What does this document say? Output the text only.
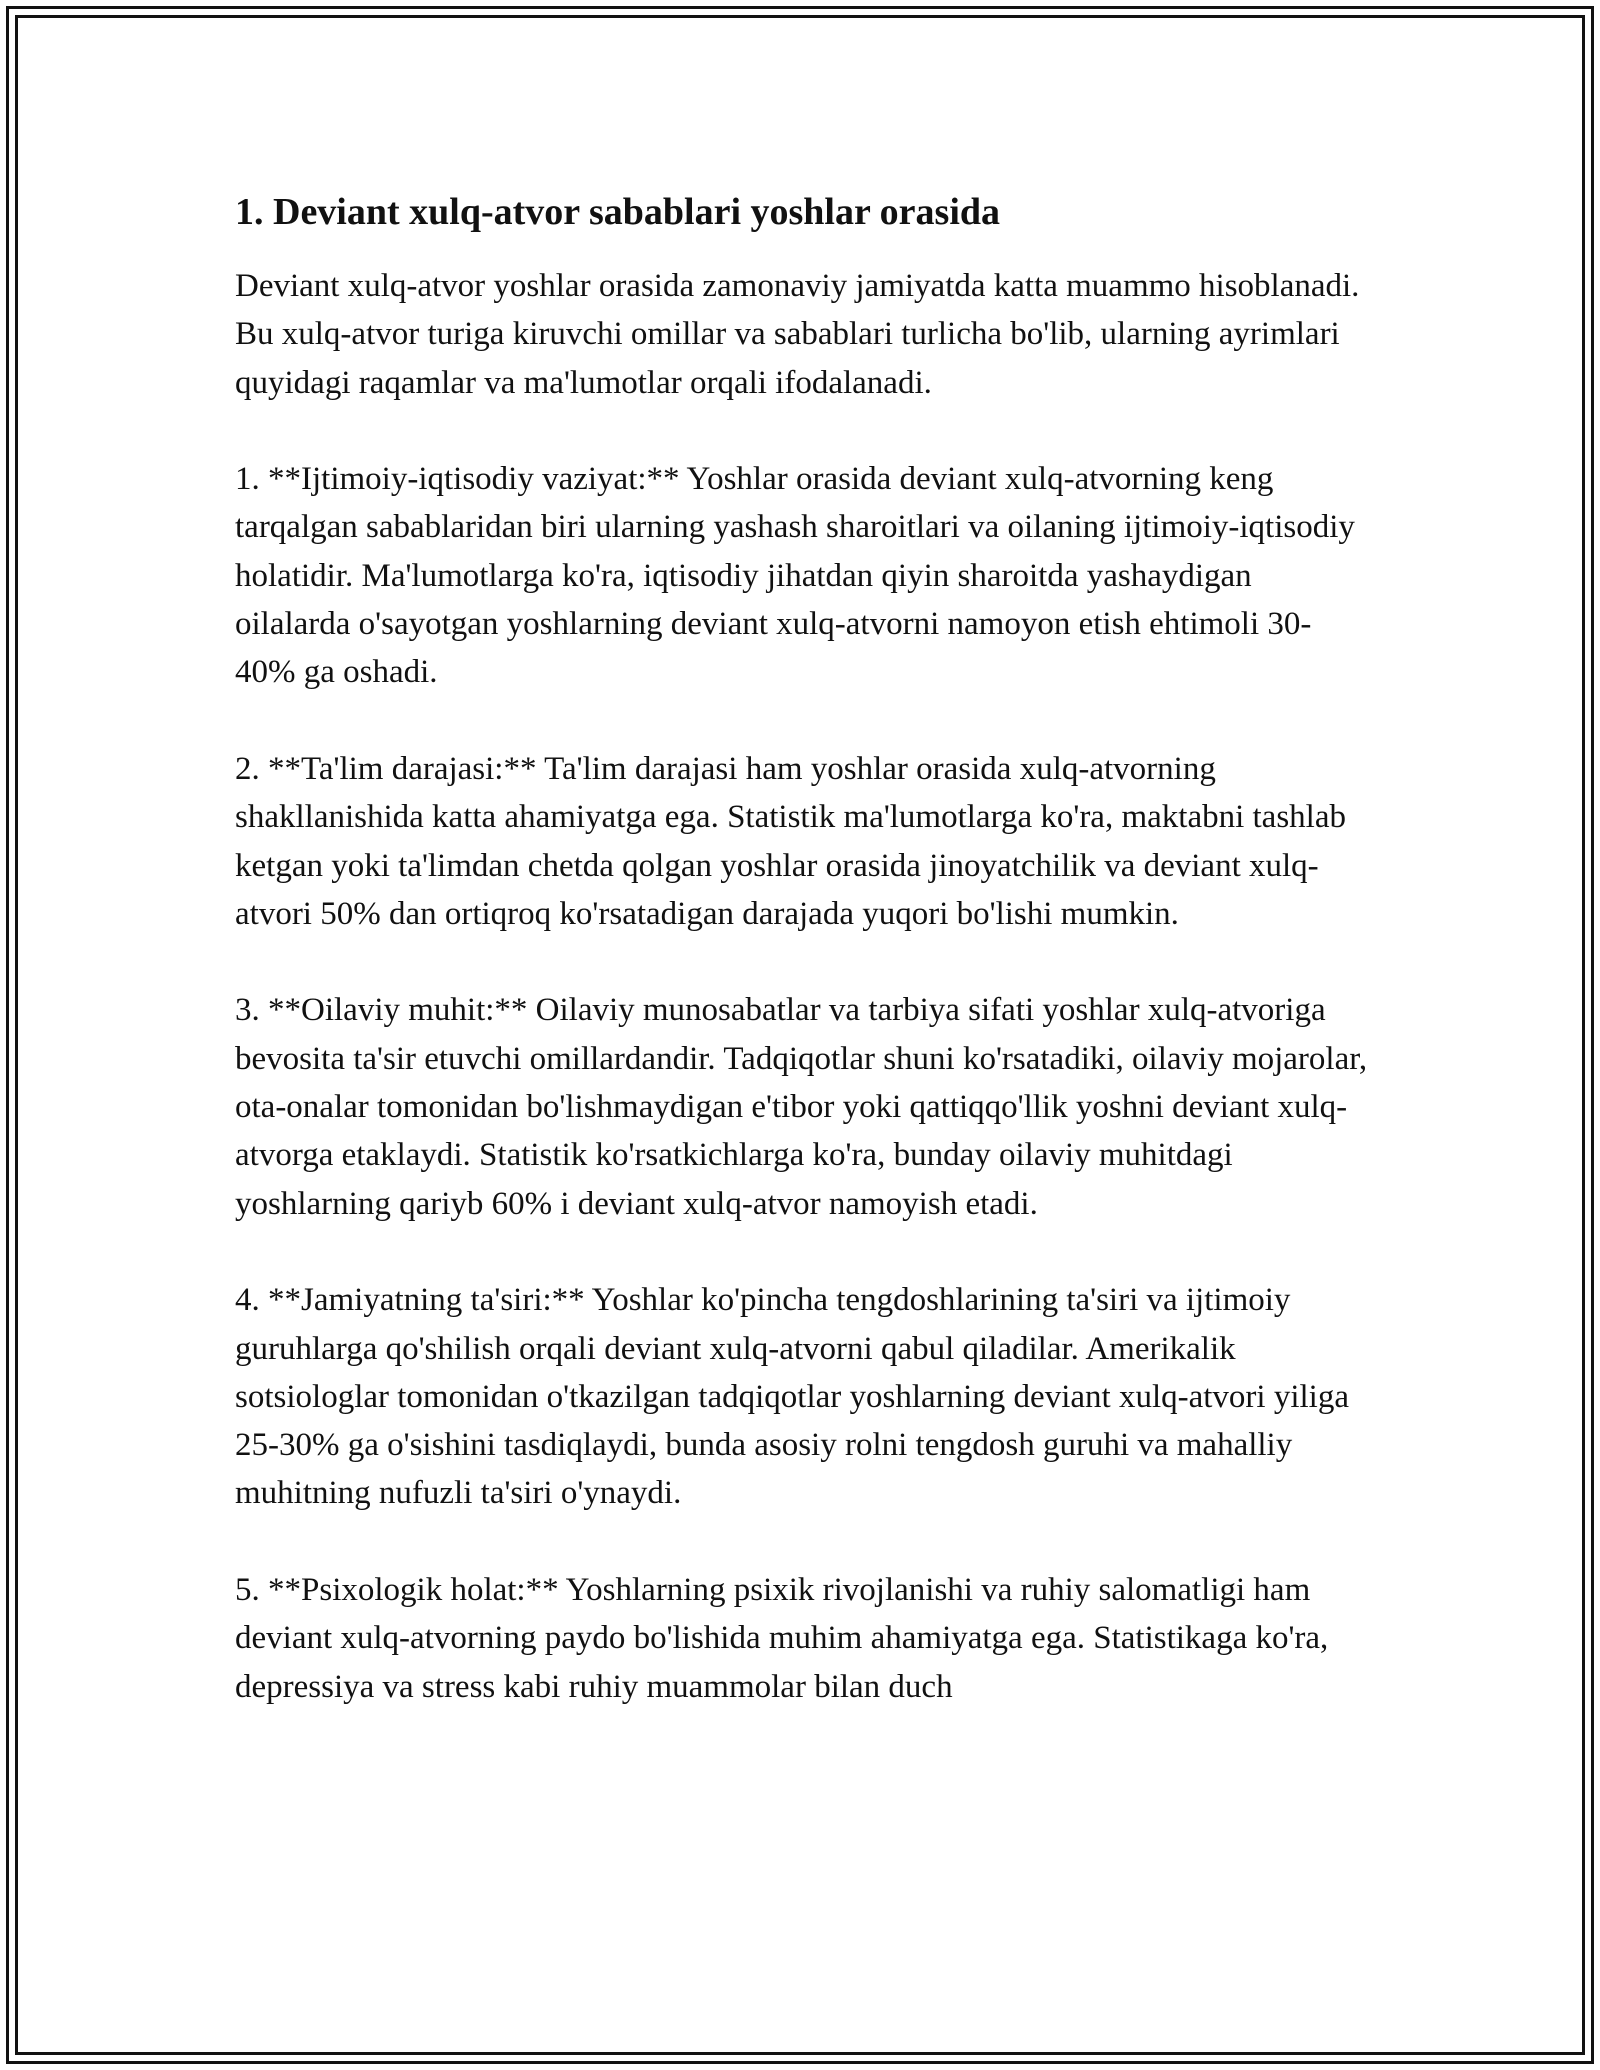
1. Deviant xulq-atvor sabablari yoshlar orasida

Deviant xulq-atvor yoshlar orasida zamonaviy jamiyatda katta muammo hisoblanadi. Bu xulq-atvor turiga kiruvchi omillar va sabablari turlicha bo'lib, ularning ayrimlari quyidagi raqamlar va ma'lumotlar orqali ifodalanadi.

1. **Ijtimoiy-iqtisodiy vaziyat:** Yoshlar orasida deviant xulq-atvorning keng tarqalgan sabablaridan biri ularning yashash sharoitlari va oilaning ijtimoiy-iqtisodiy holatidir. Ma'lumotlarga ko'ra, iqtisodiy jihatdan qiyin sharoitda yashaydigan oilalarda o'sayotgan yoshlarning deviant xulq-atvorni namoyon etish ehtimoli 30-40% ga oshadi.

2. **Ta'lim darajasi:** Ta'lim darajasi ham yoshlar orasida xulq-atvorning shakllanishida katta ahamiyatga ega. Statistik ma'lumotlarga ko'ra, maktabni tashlab ketgan yoki ta'limdan chetda qolgan yoshlar orasida jinoyatchilik va deviant xulq-atvori 50% dan ortiqroq ko'rsatadigan darajada yuqori bo'lishi mumkin.

3. **Oilaviy muhit:** Oilaviy munosabatlar va tarbiya sifati yoshlar xulq-atvoriga bevosita ta'sir etuvchi omillardandir. Tadqiqotlar shuni ko'rsatadiki, oilaviy mojarolar, ota-onalar tomonidan bo'lishmaydigan e'tibor yoki qattiqqo'llik yoshni deviant xulq-atvorga etaklaydi. Statistik ko'rsatkichlarga ko'ra, bunday oilaviy muhitdagi yoshlarning qariyb 60% i deviant xulq-atvor namoyish etadi.

4. **Jamiyatning ta'siri:** Yoshlar ko'pincha tengdoshlarining ta'siri va ijtimoiy guruhlarga qo'shilish orqali deviant xulq-atvorni qabul qiladilar. Amerikalik sotsiologlar tomonidan o'tkazilgan tadqiqotlar yoshlarning deviant xulq-atvori yiliga 25-30% ga o'sishini tasdiqlaydi, bunda asosiy rolni tengdosh guruhi va mahalliy muhitning nufuzli ta'siri o'ynaydi.

5. **Psixologik holat:** Yoshlarning psixik rivojlanishi va ruhiy salomatligi ham deviant xulq-atvorning paydo bo'lishida muhim ahamiyatga ega. Statistikaga ko'ra, depressiya va stress kabi ruhiy muammolar bilan duch
